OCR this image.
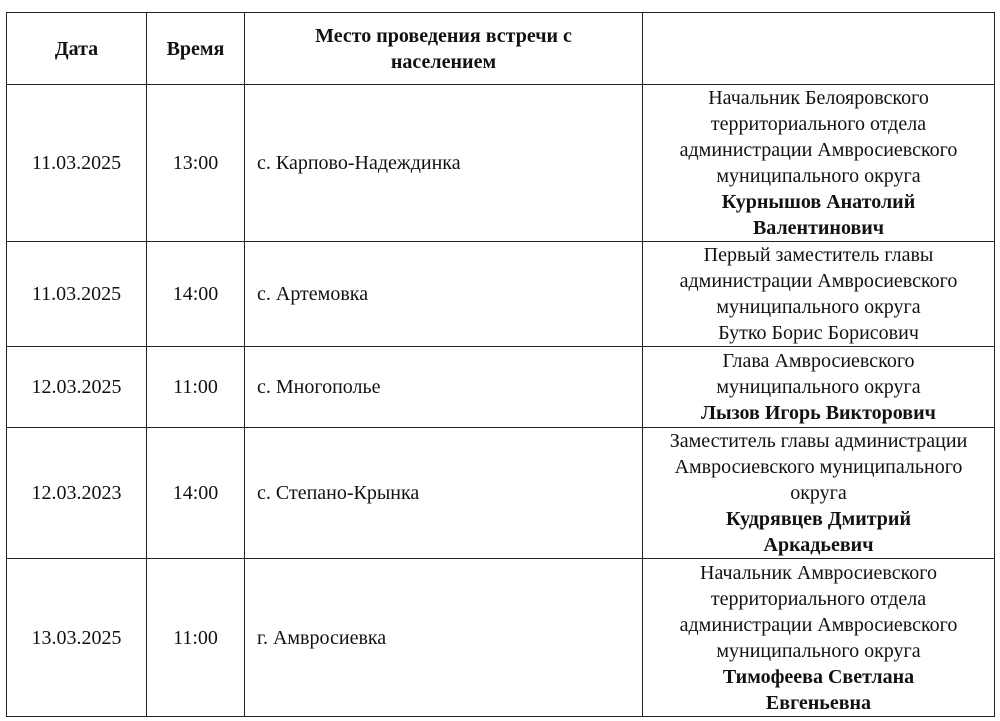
Дата	Время	Место проведения встречи с населением	
11.03.2025	13:00	с. Карпово-Надеждинка	Начальник Белояровского территориального отдела администрации Амвросиевского муниципального округа
Курнышов Анатолий Валентинович

11.03.2025	14:00	с. Артемовка	Первый заместитель главы администрации Амвросиевского муниципального округа
Бутко Борис Борисович

12.03.2025	11:00	с. Многополье	Глава Амвросиевского муниципального округа
Лызов Игорь Викторович

12.03.2023	14:00	с. Степано-Крынка	Заместитель главы администрации Амвросиевского муниципального округа
Кудрявцев Дмитрий Аркадьевич

13.03.2025	11:00	г. Амвросиевка	Начальник Амвросиевского территориального отдела администрации Амвросиевского муниципального округа
Тимофеева Светлана Евгеньевна
